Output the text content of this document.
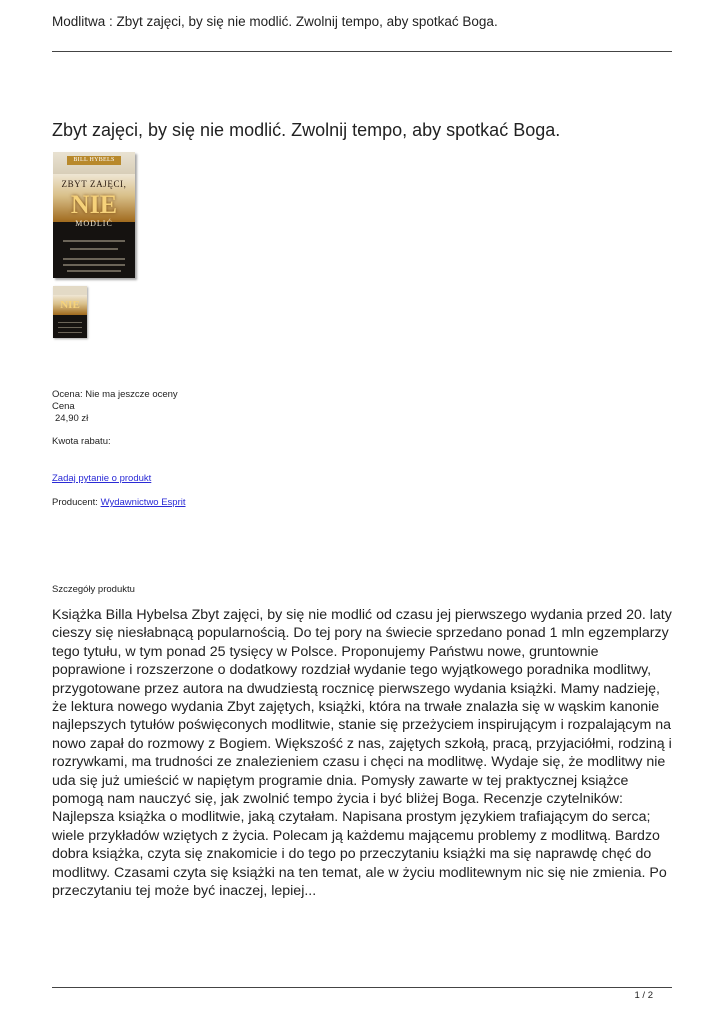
Modlitwa : Zbyt zajęci, by się nie modlić. Zwolnij tempo, aby spotkać Boga.
Zbyt zajęci, by się nie modlić. Zwolnij tempo, aby spotkać Boga.
BILL HYBELS
ZBYT ZAJĘCI,
NIE
MODLIĆ
NIE
Ocena: Nie ma jeszcze oceny
Cena
24,90 zł
Kwota rabatu:
Zadaj pytanie o produkt
Producent: Wydawnictwo Esprit
Szczegóły produktu
Książka Billa Hybelsa Zbyt zajęci, by się nie modlić od czasu jej pierwszego wydania przed 20. laty cieszy się niesłabnącą popularnością. Do tej pory na świecie sprzedano ponad 1 mln egzemplarzy tego tytułu, w tym ponad 25 tysięcy w Polsce. Proponujemy Państwu nowe, gruntownie poprawione i rozszerzone o dodatkowy rozdział wydanie tego wyjątkowego poradnika modlitwy, przygotowane przez autora na dwudziestą rocznicę pierwszego wydania książki. Mamy nadzieję, że lektura nowego wydania Zbyt zajętych, książki, która na trwałe znalazła się w wąskim kanonie najlepszych tytułów poświęconych modlitwie, stanie się przeżyciem inspirującym i rozpalającym na nowo zapał do rozmowy z Bogiem. Większość z nas, zajętych szkołą, pracą, przyjaciółmi, rodziną i rozrywkami, ma trudności ze znalezieniem czasu i chęci na modlitwę. Wydaje się, że modlitwy nie uda się już umieścić w napiętym programie dnia. Pomysły zawarte w tej praktycznej książce pomogą nam nauczyć się, jak zwolnić tempo życia i być bliżej Boga. Recenzje czytelników: Najlepsza książka o modlitwie, jaką czytałam. Napisana prostym językiem trafiającym do serca; wiele przykładów wziętych z życia. Polecam ją każdemu mającemu problemy z modlitwą. Bardzo dobra książka, czyta się znakomicie i do tego po przeczytaniu książki ma się naprawdę chęć do modlitwy. Czasami czyta się książki na ten temat, ale w życiu modlitewnym nic się nie zmienia. Po przeczytaniu tej może być inaczej, lepiej...
1 / 2
